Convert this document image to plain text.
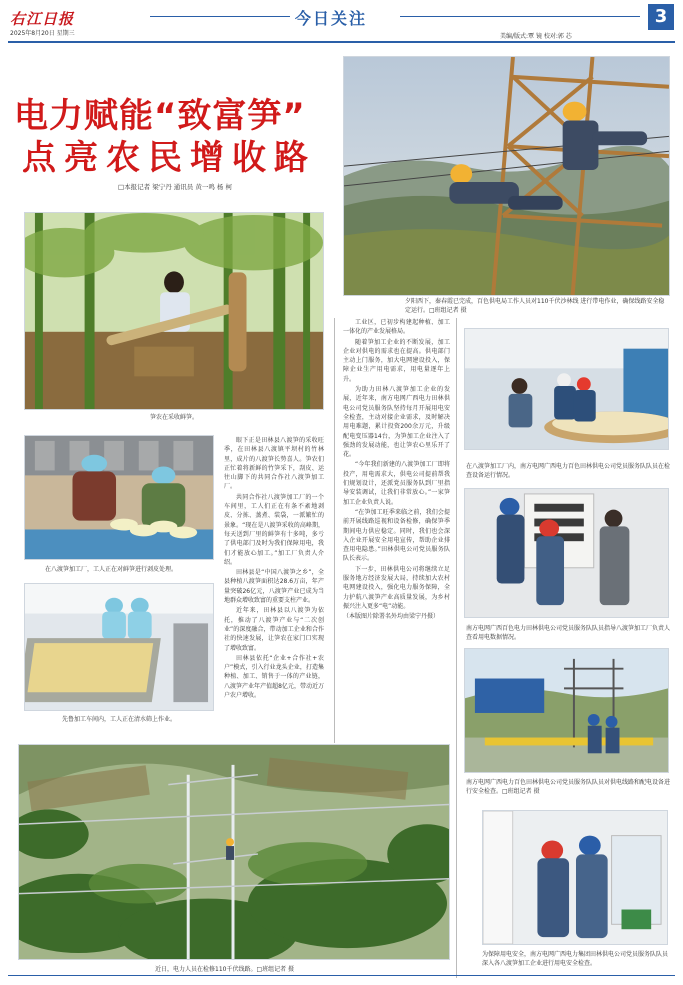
右江日报
2025年8月20日 星期三
今日关注	3
美编/版式:覃 镜 校对:郭 芯
电力赋能“致富笋”
点亮农民增收路
□本报记者 梁宁丹 通讯员 黄一鸣 杨 柯
夕阳西下，秦春霞已完成，百色供电局工作人员对110千伏沙林线 进行带电作业，确保线路安全稳定运行。□班组记者 摄
笋农在采收鲜笋。
在八渡笋加工厂，工人正在对鲜笋进行剥皮处理。
先鲁加工车间内，工人正在清水筛上作业。

眼下正是田林县八渡笋的采收旺季，在田林县八渡镇平坝村的竹林里，成片的八渡笋长势喜人。笋农们正忙着将新鲜的竹笋采下，刮皮、运往山脚下的共同合作社八渡笋加工厂。

共同合作社八渡笋加工厂的一个车间里，工人们正在有条不紊地剥皮、分拣、蒸煮、装袋，一派繁忙的景象。“现在是八渡笋采收的高峰期，每天送到厂里的鲜笋有十多吨，多亏了供电部门及时为我们保障用电，我们才能放心加工。”加工厂负责人介绍。

田林县是“中国八渡笋之乡”，全县种植八渡笋面积达28.6万亩，年产量突破26亿元，八渡笋产业已成为当地群众增收致富的重要支柱产业。

近年来，田林县以八渡笋为依托，推动了八渡笋产业与“二次创业”的深度融合，带动加工企业和合作社的快速发展，让笋农在家门口实现了增收致富。

田林县依托“企业+合作社+农户”模式，引入行业龙头企业，打造集种植、加工、销售于一体的产业链，八渡笋产业年产值超8亿元，带动近万户农户增收。

工业区，已初步构建起种植、加工一体化的产业发展格局。

随着笋加工企业的不断发展，加工企业对供电的需求也在提高。供电部门主动上门服务，加大电网建设投入，保障企业生产用电需求，用电量逐年上升。

为助力田林八渡笋加工企业的发展，近年来，南方电网广西电力田林供电公司党员服务队坚持每月开展用电安全检查，主动对接企业需求，及时解决用电难题，累计投资200余万元，升级配电变压器14台，为笋加工企业注入了强劲的发展动能，也让笋农心里乐开了花。

“今年我们新建的八渡笋加工厂即将投产，用电需求大，供电公司提前帮我们规划设计，还派党员服务队到厂里指导安装调试，让我们非常放心。”一家笋加工企业负责人说。

“在笋加工旺季来临之前，我们会提前开展线路巡视和设备检修，确保笋季期间电力供应稳定。同时，我们也会深入企业开展安全用电宣传，帮助企业排查用电隐患。”田林供电公司党员服务队队长表示。

下一步，田林供电公司将继续立足服务地方经济发展大局，持续加大农村电网建设投入，强化电力服务保障，全力护航八渡笋产业高质量发展，为乡村振兴注入更多“电”动能。

（本版图片除署名外均由梁宁丹摄）

在八渡笋加工厂内，南方电网广西电力百色田林供电公司党员服务队队员在检查设备运行情况。
南方电网广西百色电力田林供电公司党员服务队队员指导八渡笋加工厂负责人查看用电数据情况。
南方电网广西电力百色田林供电公司党员服务队队员对供电线路和配电设备进行安全检查。□班组记者 摄
为保障用电安全，南方电网广西电力集团田林供电公司党员服务队队员深入各八渡笋加工企业进行用电安全检查。
近日，电力人员在检修110千伏线路。□班组记者 摄
